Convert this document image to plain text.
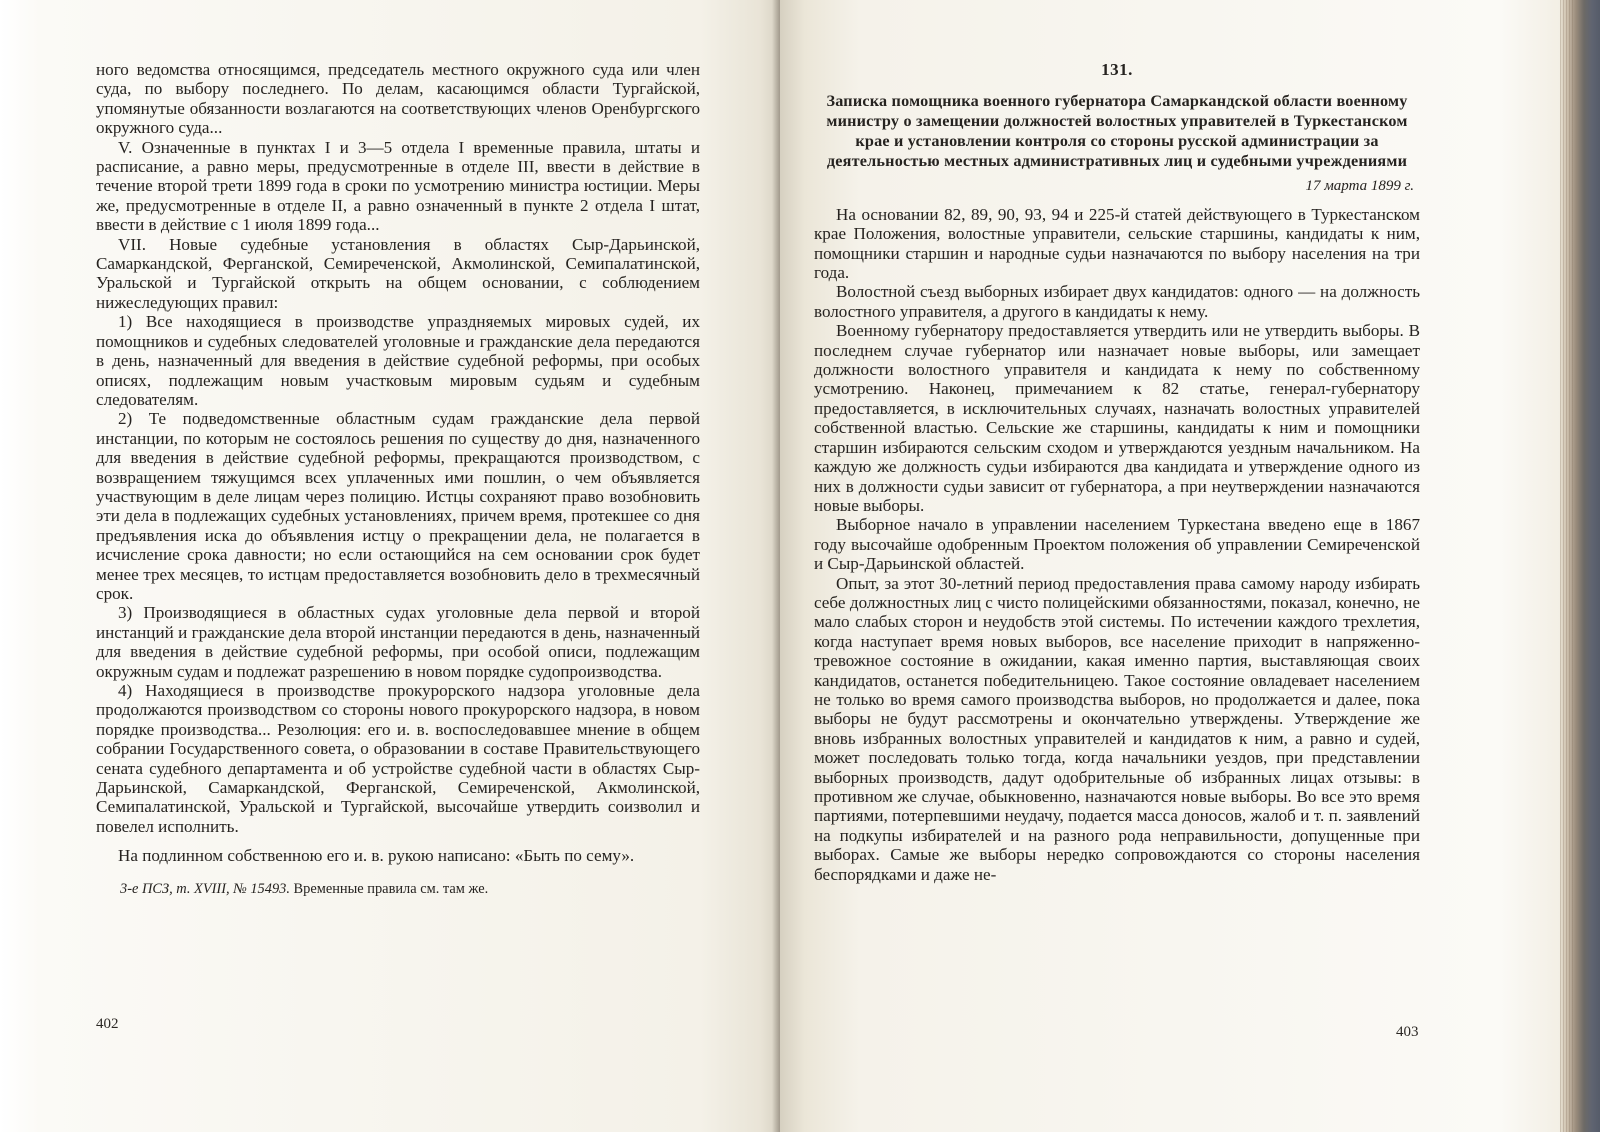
ного ведомства относящимся, председатель местного окружного суда или член суда, по выбору последнего. По делам, касающимся области Тургайской, упомянутые обязанности возлагаются на соответствующих членов Оренбургского окружного суда...

V. Означенные в пунктах I и 3—5 отдела I временные правила, штаты и расписание, а равно меры, предусмотренные в отделе III, ввести в действие в течение второй трети 1899 года в сроки по усмотрению министра юстиции. Меры же, предусмотренные в отделе II, а равно означенный в пункте 2 отдела I штат, ввести в действие с 1 июля 1899 года...

VII. Новые судебные установления в областях Сыр-Дарьинской, Самаркандской, Ферганской, Семиреченской, Акмолинской, Семипалатинской, Уральской и Тургайской открыть на общем основании, с соблюдением нижеследующих правил:

1) Все находящиеся в производстве упраздняемых мировых судей, их помощников и судебных следователей уголовные и гражданские дела передаются в день, назначенный для введения в действие судебной реформы, при особых описях, подлежащим новым участковым мировым судьям и судебным следователям.

2) Те подведомственные областным судам гражданские дела первой инстанции, по которым не состоялось решения по существу до дня, назначенного для введения в действие судебной реформы, прекращаются производством, с возвращением тяжущимся всех уплаченных ими пошлин, о чем объявляется участвующим в деле лицам через полицию. Истцы сохраняют право возобновить эти дела в подлежащих судебных установлениях, причем время, протекшее со дня предъявления иска до объявления истцу о прекращении дела, не полагается в исчисление срока давности; но если остающийся на сем основании срок будет менее трех месяцев, то истцам предоставляется возобновить дело в трехмесячный срок.

3) Производящиеся в областных судах уголовные дела первой и второй инстанций и гражданские дела второй инстанции передаются в день, назначенный для введения в действие судебной реформы, при особой описи, подлежащим окружным судам и подлежат разрешению в новом порядке судопроизводства.

4) Находящиеся в производстве прокурорского надзора уголовные дела продолжаются производством со стороны нового прокурорского надзора, в новом порядке производства... Резолюция: его и. в. воспоследовавшее мнение в общем собрании Государственного совета, о образовании в составе Правительствующего сената судебного департамента и об устройстве судебной части в областях Сыр-Дарьинской, Самаркандской, Ферганской, Семиреченской, Акмолинской, Семипалатинской, Уральской и Тургайской, высочайше утвердить соизволил и повелел исполнить.

На подлинном собственною его и. в. рукою написано: «Быть по сему».

3-е ПСЗ, т. XVIII, № 15493. Временные правила см. там же.

402
131.
Записка помощника военного губернатора Самаркандской области военному министру о замещении должностей волостных управителей в Туркестанском крае и установлении контроля со стороны русской администрации за деятельностью местных административных лиц и судебными учреждениями
17 марта 1899 г.

На основании 82, 89, 90, 93, 94 и 225-й статей действующего в Туркестанском крае Положения, волостные управители, сельские старшины, кандидаты к ним, помощники старшин и народные судьи назначаются по выбору населения на три года.

Волостной съезд выборных избирает двух кандидатов: одного — на должность волостного управителя, а другого в кандидаты к нему.

Военному губернатору предоставляется утвердить или не утвердить выборы. В последнем случае губернатор или назначает новые выборы, или замещает должности волостного управителя и кандидата к нему по собственному усмотрению. Наконец, примечанием к 82 статье, генерал-губернатору предоставляется, в исключительных случаях, назначать волостных управителей собственной властью. Сельские же старшины, кандидаты к ним и помощники старшин избираются сельским сходом и утверждаются уездным начальником. На каждую же должность судьи избираются два кандидата и утверждение одного из них в должности судьи зависит от губернатора, а при неутверждении назначаются новые выборы.

Выборное начало в управлении населением Туркестана введено еще в 1867 году высочайше одобренным Проектом положения об управлении Семиреченской и Сыр-Дарьинской областей.

Опыт, за этот 30-летний период предоставления права самому народу избирать себе должностных лиц с чисто полицейскими обязанностями, показал, конечно, не мало слабых сторон и неудобств этой системы. По истечении каждого трехлетия, когда наступает время новых выборов, все население приходит в напряженно-тревожное состояние в ожидании, какая именно партия, выставляющая своих кандидатов, останется победительницею. Такое состояние овладевает населением не только во время самого производства выборов, но продолжается и далее, пока выборы не будут рассмотрены и окончательно утверждены. Утверждение же вновь избранных волостных управителей и кандидатов к ним, а равно и судей, может последовать только тогда, когда начальники уездов, при представлении выборных производств, дадут одобрительные об избранных лицах отзывы: в противном же случае, обыкновенно, назначаются новые выборы. Во все это время партиями, потерпевшими неудачу, подается масса доносов, жалоб и т. п. заявлений на подкупы избирателей и на разного рода неправильности, допущенные при выборах. Самые же выборы нередко сопровождаются со стороны населения беспорядками и даже не-

403
